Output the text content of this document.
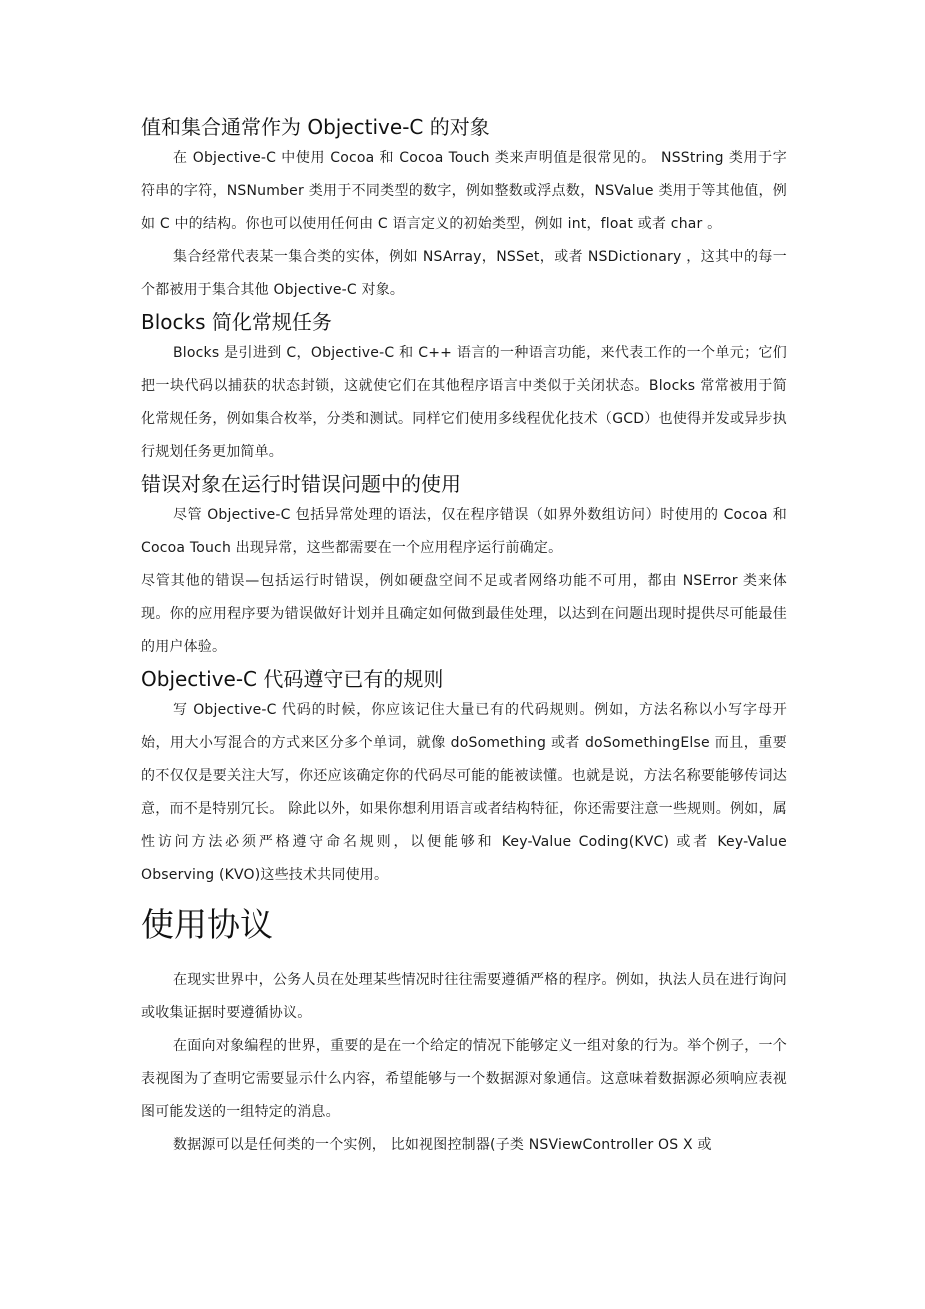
值和集合通常作为 Objective-C 的对象

在 Objective-C 中使用 Cocoa 和 Cocoa Touch 类来声明值是很常见的。 NSString 类用于字符串的字符，NSNumber 类用于不同类型的数字，例如整数或浮点数，NSValue 类用于等其他值，例如 C 中的结构。你也可以使用任何由 C 语言定义的初始类型，例如 int，float 或者 char 。

集合经常代表某一集合类的实体，例如 NSArray，NSSet，或者 NSDictionary ，这其中的每一个都被用于集合其他 Objective-C 对象。

Blocks 简化常规任务

Blocks 是引进到 C，Objective-C 和 C++ 语言的一种语言功能，来代表工作的一个单元；它们把一块代码以捕获的状态封锁，这就使它们在其他程序语言中类似于关闭状态。Blocks 常常被用于简化常规任务，例如集合枚举，分类和测试。同样它们使用多线程优化技术（GCD）也使得并发或异步执行规划任务更加简单。

错误对象在运行时错误问题中的使用

尽管 Objective-C 包括异常处理的语法，仅在程序错误（如界外数组访问）时使用的 Cocoa 和 Cocoa Touch 出现异常，这些都需要在一个应用程序运行前确定。

尽管其他的错误—包括运行时错误，例如硬盘空间不足或者网络功能不可用，都由 NSError 类来体现。你的应用程序要为错误做好计划并且确定如何做到最佳处理，以达到在问题出现时提供尽可能最佳的用户体验。

Objective-C 代码遵守已有的规则

写 Objective-C 代码的时候，你应该记住大量已有的代码规则。例如，方法名称以小写字母开始，用大小写混合的方式来区分多个单词，就像 doSomething 或者 doSomethingElse 而且，重要的不仅仅是要关注大写，你还应该确定你的代码尽可能的能被读懂。也就是说，方法名称要能够传词达意，而不是特别冗长。 除此以外，如果你想利用语言或者结构特征，你还需要注意一些规则。例如，属性访问方法必须严格遵守命名规则，以便能够和 Key-Value Coding(KVC) 或者 Key-Value Observing (KVO)这些技术共同使用。

使用协议

在现实世界中，公务人员在处理某些情况时往往需要遵循严格的程序。例如，执法人员在进行询问或收集证据时要遵循协议。

在面向对象编程的世界，重要的是在一个给定的情况下能够定义一组对象的行为。举个例子，一个表视图为了查明它需要显示什么内容，希望能够与一个数据源对象通信。这意味着数据源必须响应表视图可能发送的一组特定的消息。

数据源可以是任何类的一个实例， 比如视图控制器(子类 NSViewController OS X 或
